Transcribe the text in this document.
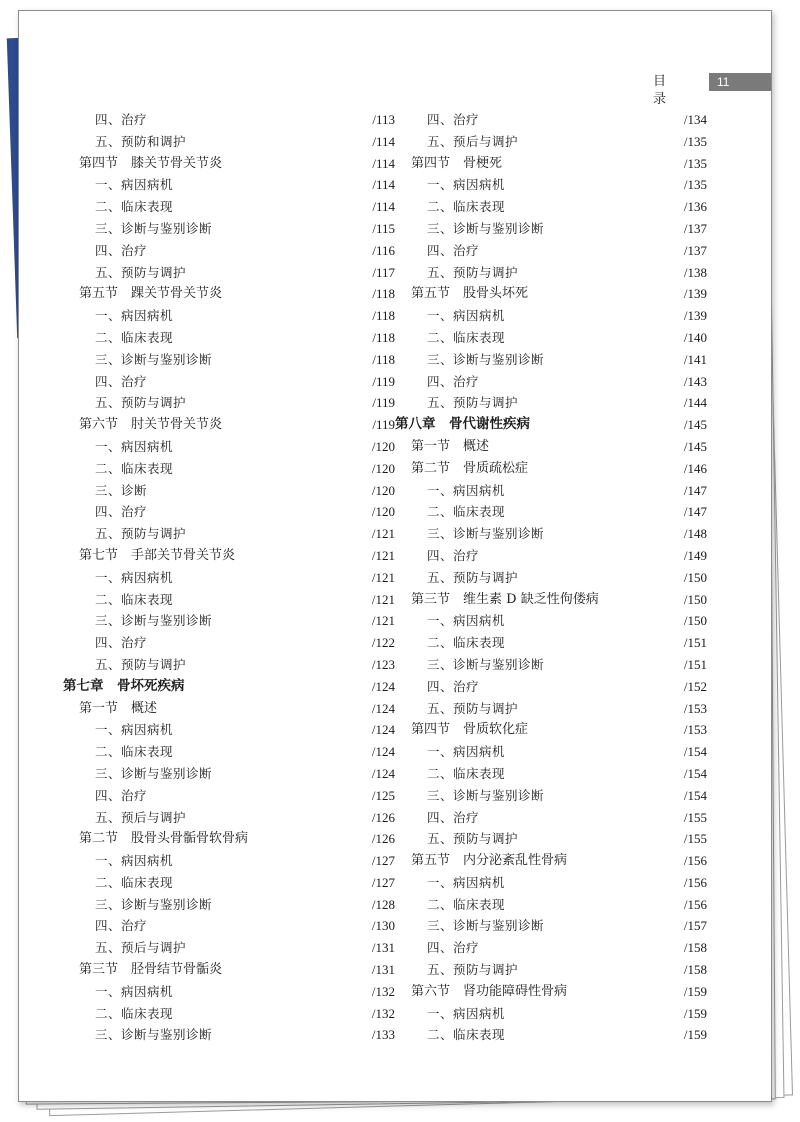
目 录
11
四、治疗	/113
五、预防和调护	/114
第四节　膝关节骨关节炎	/114
一、病因病机	/114
二、临床表现	/114
三、诊断与鉴别诊断	/115
四、治疗	/116
五、预防与调护	/117
第五节　踝关节骨关节炎	/118
一、病因病机	/118
二、临床表现	/118
三、诊断与鉴别诊断	/118
四、治疗	/119
五、预防与调护	/119
第六节　肘关节骨关节炎	/119
一、病因病机	/120
二、临床表现	/120
三、诊断	/120
四、治疗	/120
五、预防与调护	/121
第七节　手部关节骨关节炎	/121
一、病因病机	/121
二、临床表现	/121
三、诊断与鉴别诊断	/121
四、治疗	/122
五、预防与调护	/123
第七章　骨坏死疾病	/124
第一节　概述	/124
一、病因病机	/124
二、临床表现	/124
三、诊断与鉴别诊断	/124
四、治疗	/125
五、预后与调护	/126
第二节　股骨头骨骺骨软骨病	/126
一、病因病机	/127
二、临床表现	/127
三、诊断与鉴别诊断	/128
四、治疗	/130
五、预后与调护	/131
第三节　胫骨结节骨骺炎	/131
一、病因病机	/132
二、临床表现	/132
三、诊断与鉴别诊断	/133
四、治疗	/134
五、预后与调护	/135
第四节　骨梗死	/135
一、病因病机	/135
二、临床表现	/136
三、诊断与鉴别诊断	/137
四、治疗	/137
五、预防与调护	/138
第五节　股骨头坏死	/139
一、病因病机	/139
二、临床表现	/140
三、诊断与鉴别诊断	/141
四、治疗	/143
五、预防与调护	/144
第八章　骨代谢性疾病	/145
第一节　概述	/145
第二节　骨质疏松症	/146
一、病因病机	/147
二、临床表现	/147
三、诊断与鉴别诊断	/148
四、治疗	/149
五、预防与调护	/150
第三节　维生素 D 缺乏性佝偻病	/150
一、病因病机	/150
二、临床表现	/151
三、诊断与鉴别诊断	/151
四、治疗	/152
五、预防与调护	/153
第四节　骨质软化症	/153
一、病因病机	/154
二、临床表现	/154
三、诊断与鉴别诊断	/154
四、治疗	/155
五、预防与调护	/155
第五节　内分泌紊乱性骨病	/156
一、病因病机	/156
二、临床表现	/156
三、诊断与鉴别诊断	/157
四、治疗	/158
五、预防与调护	/158
第六节　肾功能障碍性骨病	/159
一、病因病机	/159
二、临床表现	/159
